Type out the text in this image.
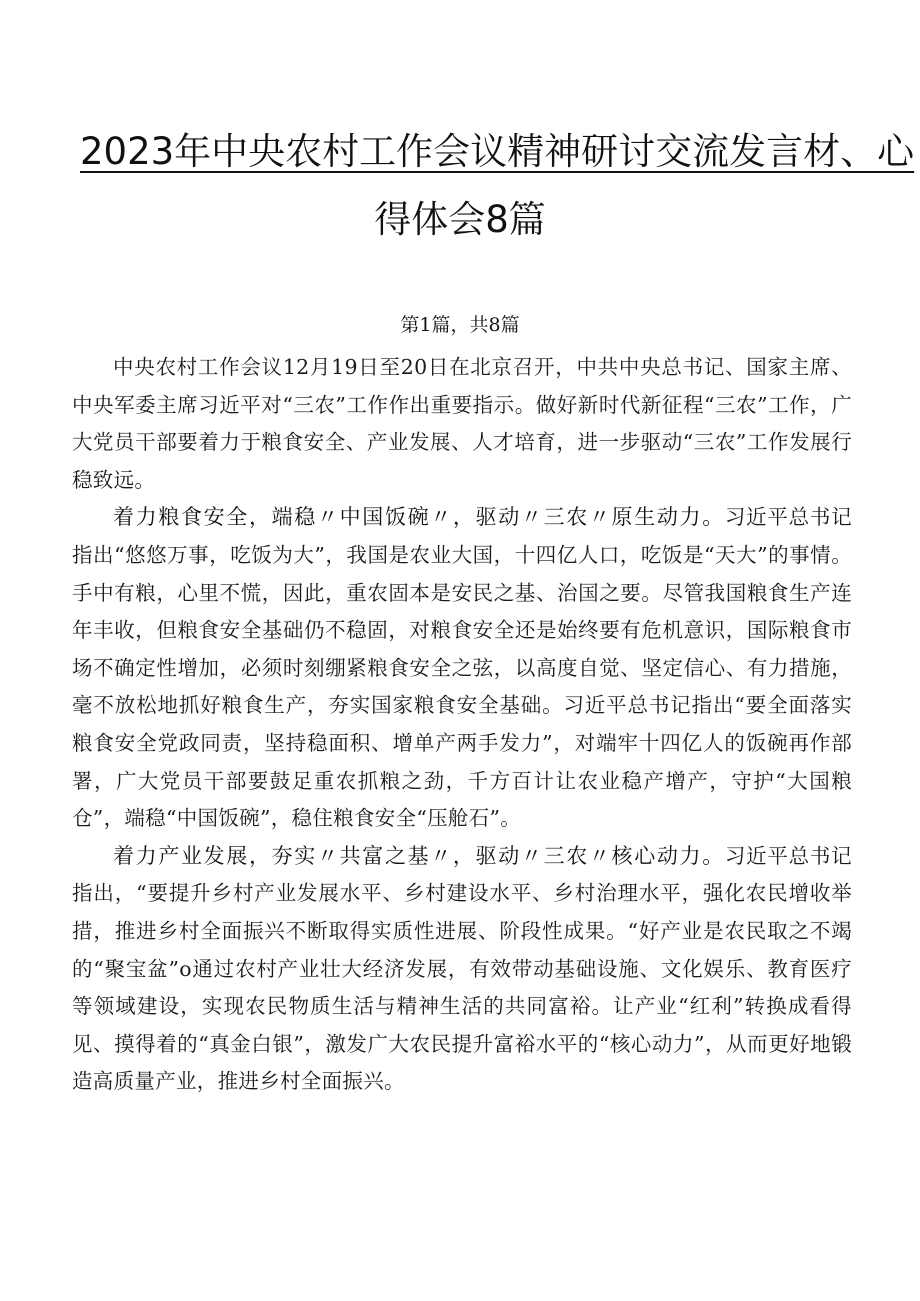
2023年中央农村工作会议精神研讨交流发言材、心
得体会8篇
第1篇，共8篇

中央农村工作会议12月19日至20日在北京召开，中共中央总书记、国家主席、中央军委主席习近平对“三农”工作作出重要指示。做好新时代新征程“三农”工作，广大党员干部要着力于粮食安全、产业发展、人才培育，进一步驱动“三农”工作发展行稳致远。

着力粮食安全，端稳〃中国饭碗〃，驱动〃三农〃原生动力。习近平总书记指出“悠悠万事，吃饭为大”，我国是农业大国，十四亿人口，吃饭是“天大”的事情。手中有粮，心里不慌，因此，重农固本是安民之基、治国之要。尽管我国粮食生产连年丰收，但粮食安全基础仍不稳固，对粮食安全还是始终要有危机意识，国际粮食市场不确定性增加，必须时刻绷紧粮食安全之弦，以高度自觉、坚定信心、有力措施，毫不放松地抓好粮食生产，夯实国家粮食安全基础。习近平总书记指出“要全面落实粮食安全党政同责，坚持稳面积、增单产两手发力”，对端牢十四亿人的饭碗再作部署，广大党员干部要鼓足重农抓粮之劲，千方百计让农业稳产增产，守护“大国粮仓”，端稳“中国饭碗”，稳住粮食安全“压舱石”。

着力产业发展，夯实〃共富之基〃，驱动〃三农〃核心动力。习近平总书记指出，“要提升乡村产业发展水平、乡村建设水平、乡村治理水平，强化农民增收举措，推进乡村全面振兴不断取得实质性进展、阶段性成果。“好产业是农民取之不竭的“聚宝盆”o通过农村产业壮大经济发展，有效带动基础设施、文化娱乐、教育医疗等领域建设，实现农民物质生活与精神生活的共同富裕。让产业“红利”转换成看得见、摸得着的“真金白银”，激发广大农民提升富裕水平的“核心动力”，从而更好地锻造高质量产业，推进乡村全面振兴。
